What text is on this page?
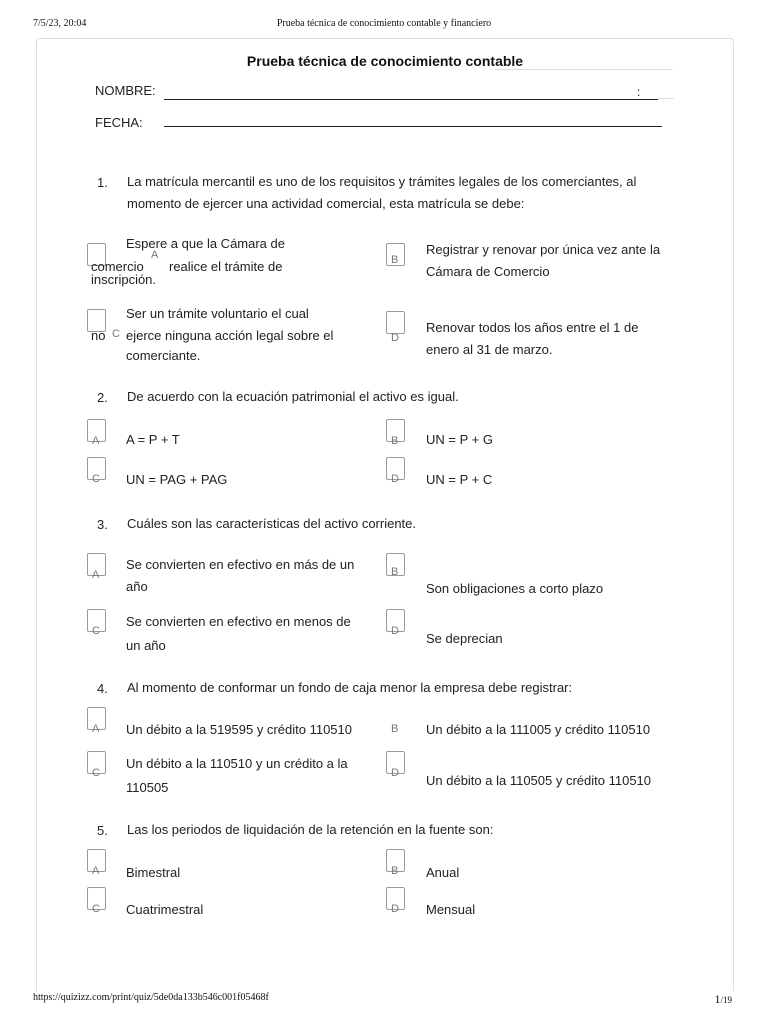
7/5/23, 20:04	Prueba técnica de conocimiento contable y financiero
Prueba técnica de conocimiento contable
NOMBRE:	:
FECHA:
1. La matrícula mercantil es uno de los requisitos y trámites legales de los comerciantes, al momento de ejercer una actividad comercial, esta matrícula se debe:
A
Espere a que la Cámara de
comercio realice el trámite de
inscripción.
B
Registrar y renovar por única vez ante la
Cámara de Comercio
C
Ser un trámite voluntario el cual
no ejerce ninguna acción legal sobre el
comerciante.
D
Renovar todos los años entre el 1 de
enero al 31 de marzo.
2. De acuerdo con la ecuación patrimonial el activo es igual.
A A = P + T	B UN = P + G
C UN = PAG + PAG	D UN = P + C
3. Cuáles son las características del activo corriente.
A
Se convierten en efectivo en más de un
año
B
Son obligaciones a corto plazo
C
Se convierten en efectivo en menos de
un año
D Se deprecian
4. Al momento de conformar un fondo de caja menor la empresa debe registrar:
A Un débito a la 519595 y crédito 110510	B Un débito a la 111005 y crédito 110510
C
Un débito a la 110510 y un crédito a la
110505
D Un débito a la 110505 y crédito 110510
5. Las los periodos de liquidación de la retención en la fuente son:
A Bimestral	B Anual
C Cuatrimestral	D Mensual
https://quizizz.com/print/quiz/5de0da133b546c001f05468f	1/19
